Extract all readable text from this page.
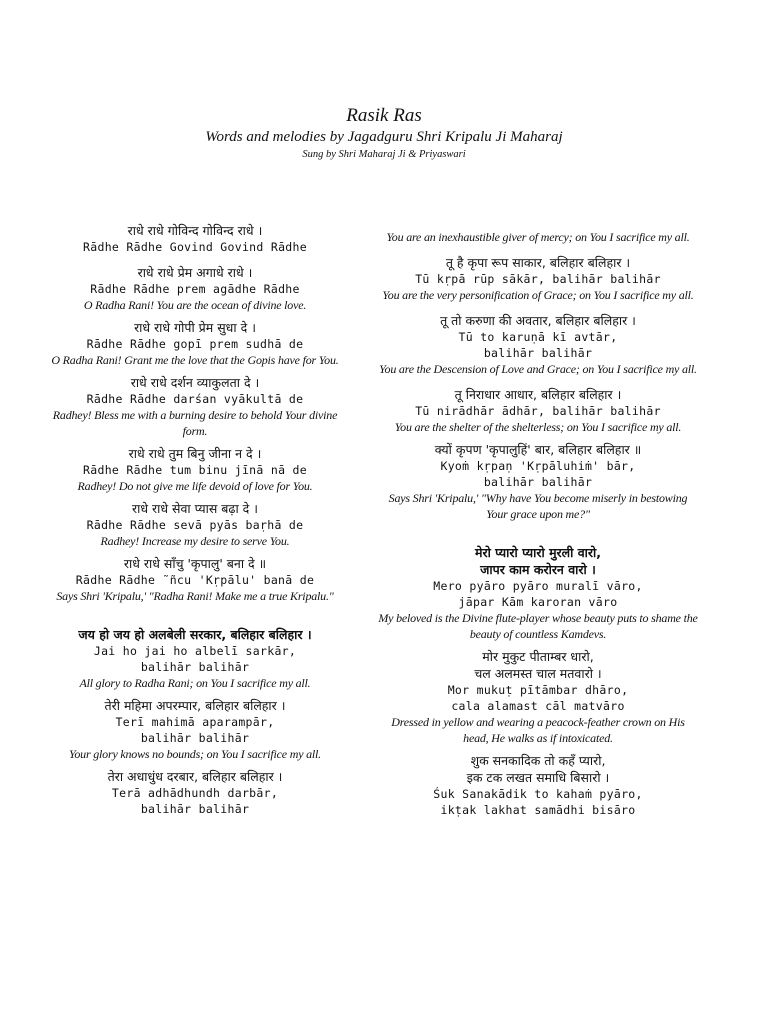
Rasik Ras
Words and melodies by Jagadguru Shri Kripalu Ji Maharaj
Sung by Shri Maharaj Ji & Priyaswari
राधे राधे गोविन्द गोविन्द राधे ।
Rādhe Rādhe Govind Govind Rādhe
राधे राधे प्रेम अगाधे राधे ।
Rādhe Rādhe prem agādhe Rādhe
O Radha Rani! You are the ocean of divine love.
राधे राधे गोपी प्रेम सुधा दे ।
Rādhe Rādhe gopī prem sudhā de
O Radha Rani! Grant me the love that the Gopis have for You.
राधे राधे दर्शन व्याकुलता दे ।
Rādhe Rādhe darśan vyākultā de
Radhey! Bless me with a burning desire to behold Your divine form.
राधे राधे तुम बिनु जीना न दे ।
Rādhe Rādhe tum binu jīnā nā de
Radhey! Do not give me life devoid of love for You.
राधे राधे सेवा प्यास बढ़ा दे ।
Rādhe Rādhe sevā pyās baṛhā de
Radhey! Increase my desire to serve You.
राधे राधे साँचु 'कृपालु' बना दे ॥
Rādhe Rādhe ˜ñcu 'Kṛpālu' banā de
Says Shri 'Kripalu,' "Radha Rani! Make me a true Kripalu."
जय हो जय हो अलबेली सरकार, बलिहार बलिहार ।
Jai ho jai ho albelī sarkār,
balihār balihār
All glory to Radha Rani; on You I sacrifice my all.
तेरी महिमा अपरम्पार, बलिहार बलिहार ।
Terī mahimā aparampār,
balihār balihār
Your glory knows no bounds; on You I sacrifice my all.
तेरा अधाधुंध दरबार, बलिहार बलिहार ।
Terā adhādhundh darbār,
balihār balihār
You are an inexhaustible giver of mercy; on You I sacrifice my all.
तू है कृपा रूप साकार, बलिहार बलिहार ।
Tū kṛpā rūp sākār, balihār balihār
You are the very personification of Grace; on You I sacrifice my all.
तू तो करुणा की अवतार, बलिहार बलिहार ।
Tū to karuṇā kī avtār,
balihār balihār
You are the Descension of Love and Grace; on You I sacrifice my all.
तू निराधार आधार, बलिहार बलिहार ।
Tū nirādhār ādhār, balihār balihār
You are the shelter of the shelterless; on You I sacrifice my all.
क्यों कृपण 'कृपालुहिं' बार, बलिहार बलिहार ॥
Kyoṁ kṛpaṇ 'Kṛpāluhiṁ' bār,
balihār balihār
Says Shri 'Kripalu,' "Why have You become miserly in bestowing Your grace upon me?"
मेरो प्यारो प्यारो मुरली वारो,
जापर काम करोरन वारो ।
Mero pyāro pyāro muralī vāro,
jāpar Kām karoran vāro
My beloved is the Divine flute-player whose beauty puts to shame the beauty of countless Kamdevs.
मोर मुकुट पीताम्बर धारो,
चल अलमस्त चाल मतवारो ।
Mor mukuṭ pītāmbar dhāro,
cala alamast cāl matvāro
Dressed in yellow and wearing a peacock-feather crown on His head, He walks as if intoxicated.
शुक सनकादिक तो कहँ प्यारो,
इक टक लखत समाधि बिसारो ।
Śuk Sanakādik to kahaṁ pyāro,
ikṭak lakhat samādhi bisāro
